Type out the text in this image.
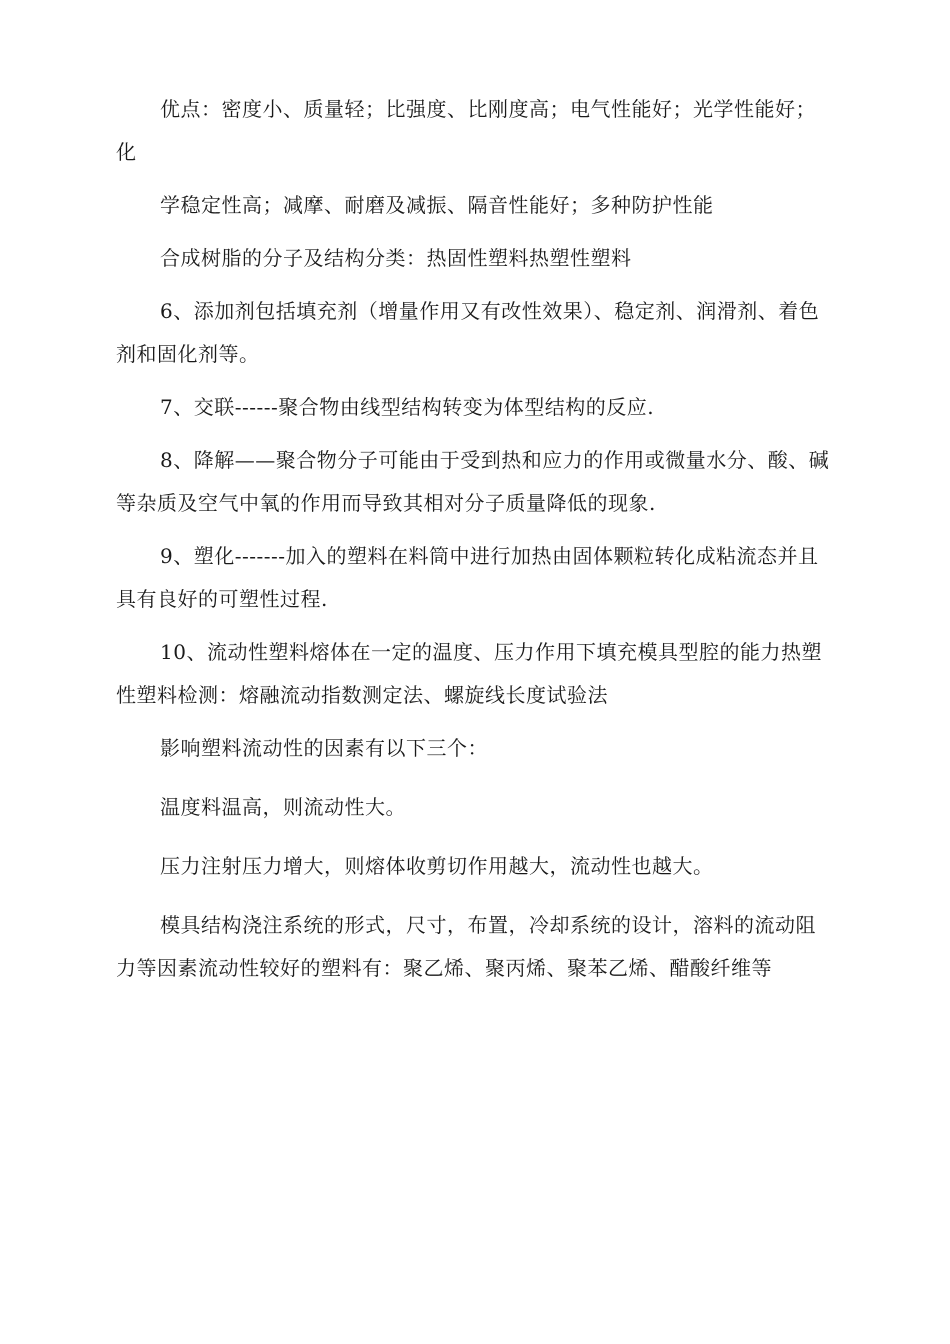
优点：密度小、质量轻；比强度、比刚度高；电气性能好；光学性能好；化

学稳定性高；减摩、耐磨及减振、隔音性能好；多种防护性能

合成树脂的分子及结构分类：热固性塑料热塑性塑料

6、添加剂包括填充剂（增量作用又有改性效果）、稳定剂、润滑剂、着色剂和固化剂等。

7、交联------聚合物由线型结构转变为体型结构的反应.

8、降解——聚合物分子可能由于受到热和应力的作用或微量水分、酸、碱等杂质及空气中氧的作用而导致其相对分子质量降低的现象.

9、塑化-------加入的塑料在料筒中进行加热由固体颗粒转化成粘流态并且具有良好的可塑性过程.

10、流动性塑料熔体在一定的温度、压力作用下填充模具型腔的能力热塑性塑料检测：熔融流动指数测定法、螺旋线长度试验法

影响塑料流动性的因素有以下三个：

温度料温高，则流动性大。

压力注射压力增大，则熔体收剪切作用越大，流动性也越大。

模具结构浇注系统的形式，尺寸，布置，冷却系统的设计，溶料的流动阻力等因素流动性较好的塑料有：聚乙烯、聚丙烯、聚苯乙烯、醋酸纤维等
